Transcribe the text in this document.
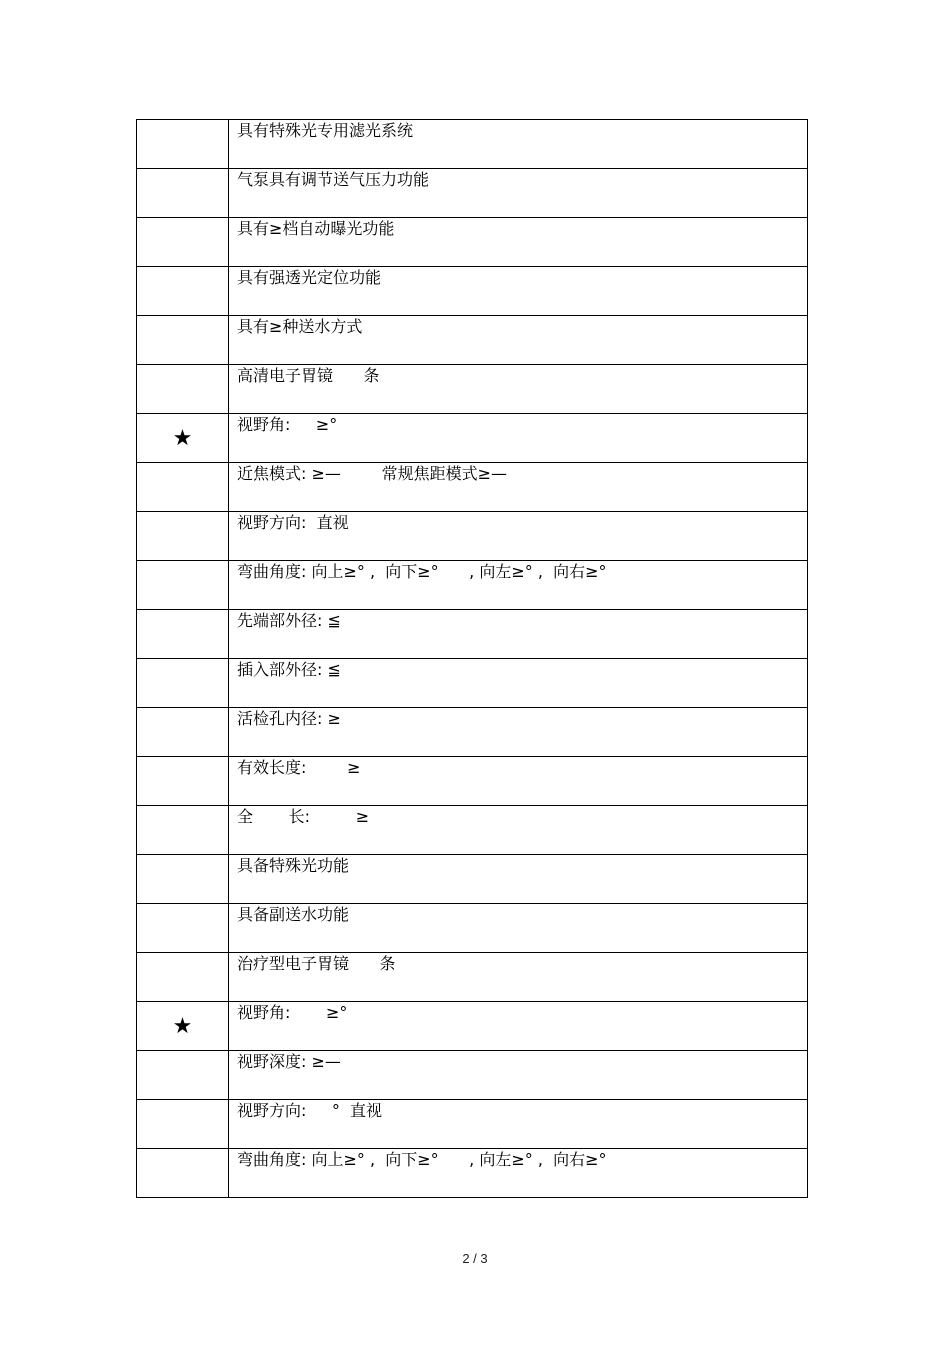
	具有特殊光专用滤光系统
	气泵具有调节送气压力功能
	具有≥档自动曝光功能
	具有强透光定位功能
	具有≥种送水方式
	高清电子胃镜      条
★	视野角:     ≥°
	近焦模式: ≥—        常规焦距模式≥—
	视野方向:  直视
	弯曲角度: 向上≥° ,  向下≥°      , 向左≥° ,  向右≥°
	先端部外径: ≦
	插入部外径: ≦
	活检孔内径: ≥
	有效长度:        ≥
	全       长:         ≥
	具备特殊光功能
	具备副送水功能
	治疗型电子胃镜      条
★	视野角:       ≥°
	视野深度: ≥—
	视野方向:     °  直视
	弯曲角度: 向上≥° ,  向下≥°      , 向左≥° ,  向右≥°
2 / 3
